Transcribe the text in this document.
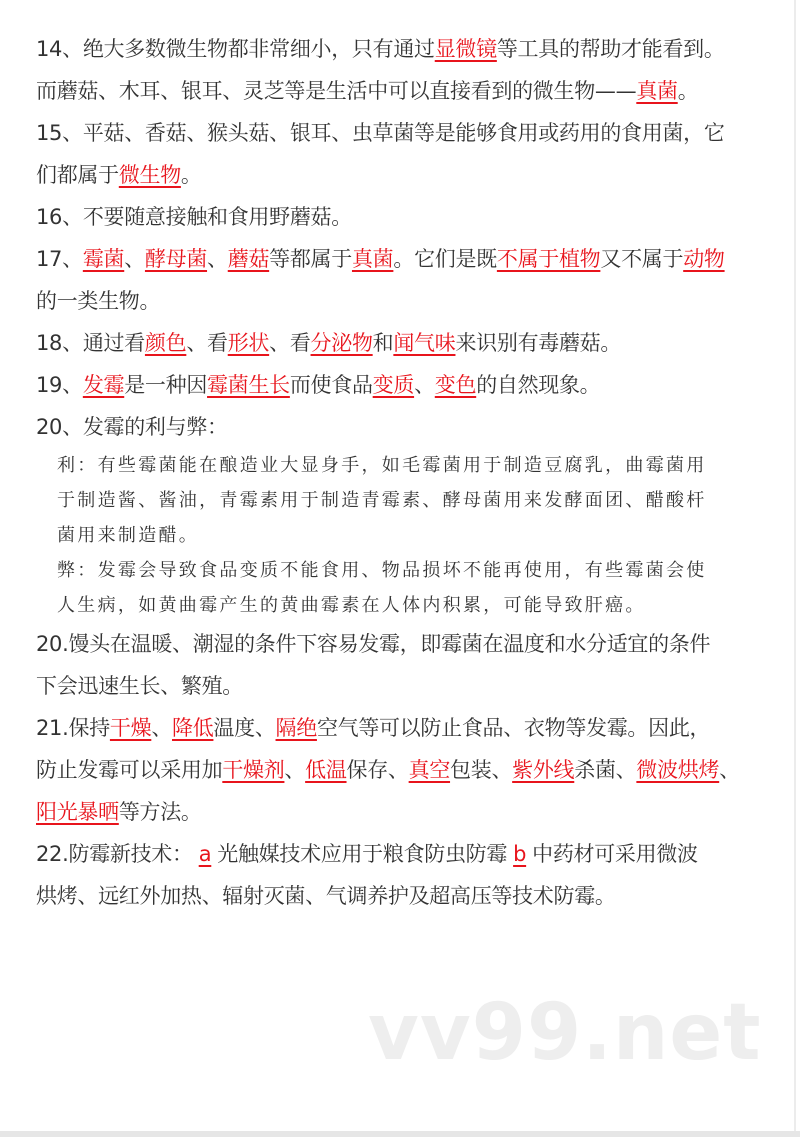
14、绝大多数微生物都非常细小，只有通过显微镜等工具的帮助才能看到。
而蘑菇、木耳、银耳、灵芝等是生活中可以直接看到的微生物——真菌。
15、平菇、香菇、猴头菇、银耳、虫草菌等是能够食用或药用的食用菌，它
们都属于微生物。
16、不要随意接触和食用野蘑菇。
17、霉菌、酵母菌、蘑菇等都属于真菌。它们是既不属于植物又不属于动物
的一类生物。
18、通过看颜色、看形状、看分泌物和闻气味来识别有毒蘑菇。
19、发霉是一种因霉菌生长而使食品变质、变色的自然现象。
20、发霉的利与弊：
利：有些霉菌能在酿造业大显身手，如毛霉菌用于制造豆腐乳，曲霉菌用
于制造酱、酱油，青霉素用于制造青霉素、酵母菌用来发酵面团、醋酸杆
菌用来制造醋。
弊：发霉会导致食品变质不能食用、物品损坏不能再使用，有些霉菌会使
人生病，如黄曲霉产生的黄曲霉素在人体内积累，可能导致肝癌。
20.馒头在温暖、潮湿的条件下容易发霉，即霉菌在温度和水分适宜的条件
下会迅速生长、繁殖。
21.保持干燥、降低温度、隔绝空气等可以防止食品、衣物等发霉。因此，
防止发霉可以采用加干燥剂、低温保存、真空包装、紫外线杀菌、微波烘烤、
阳光暴晒等方法。
22.防霉新技术： a 光触媒技术应用于粮食防虫防霉 b 中药材可采用微波
烘烤、远红外加热、辐射灭菌、气调养护及超高压等技术防霉。
vv99.net
